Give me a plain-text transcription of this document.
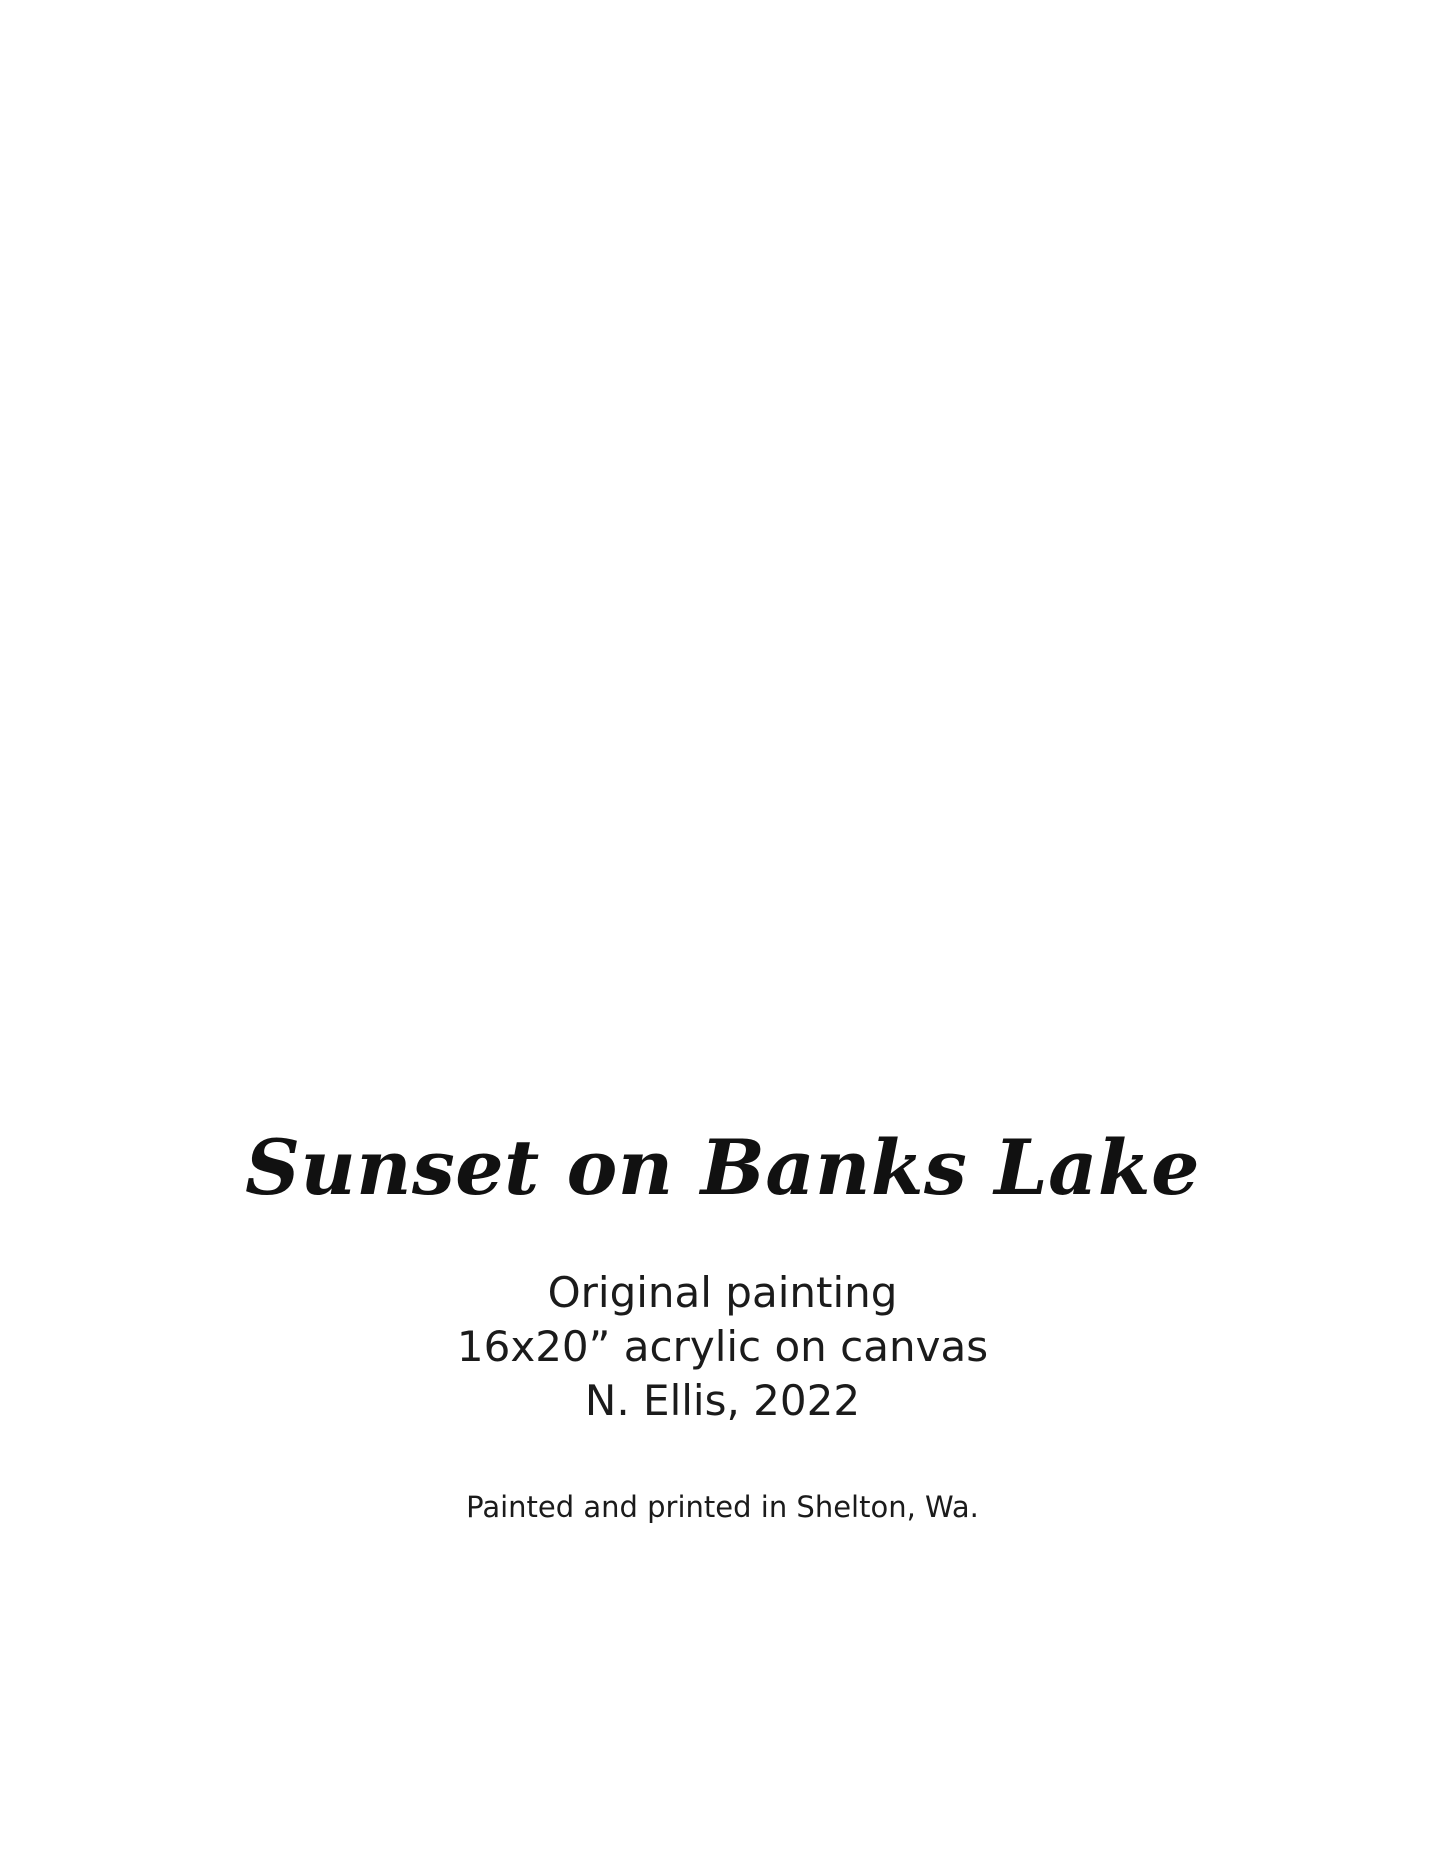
Sunset on Banks Lake
Original painting
16x20” acrylic on canvas
N. Ellis, 2022
Painted and printed in Shelton, Wa.
